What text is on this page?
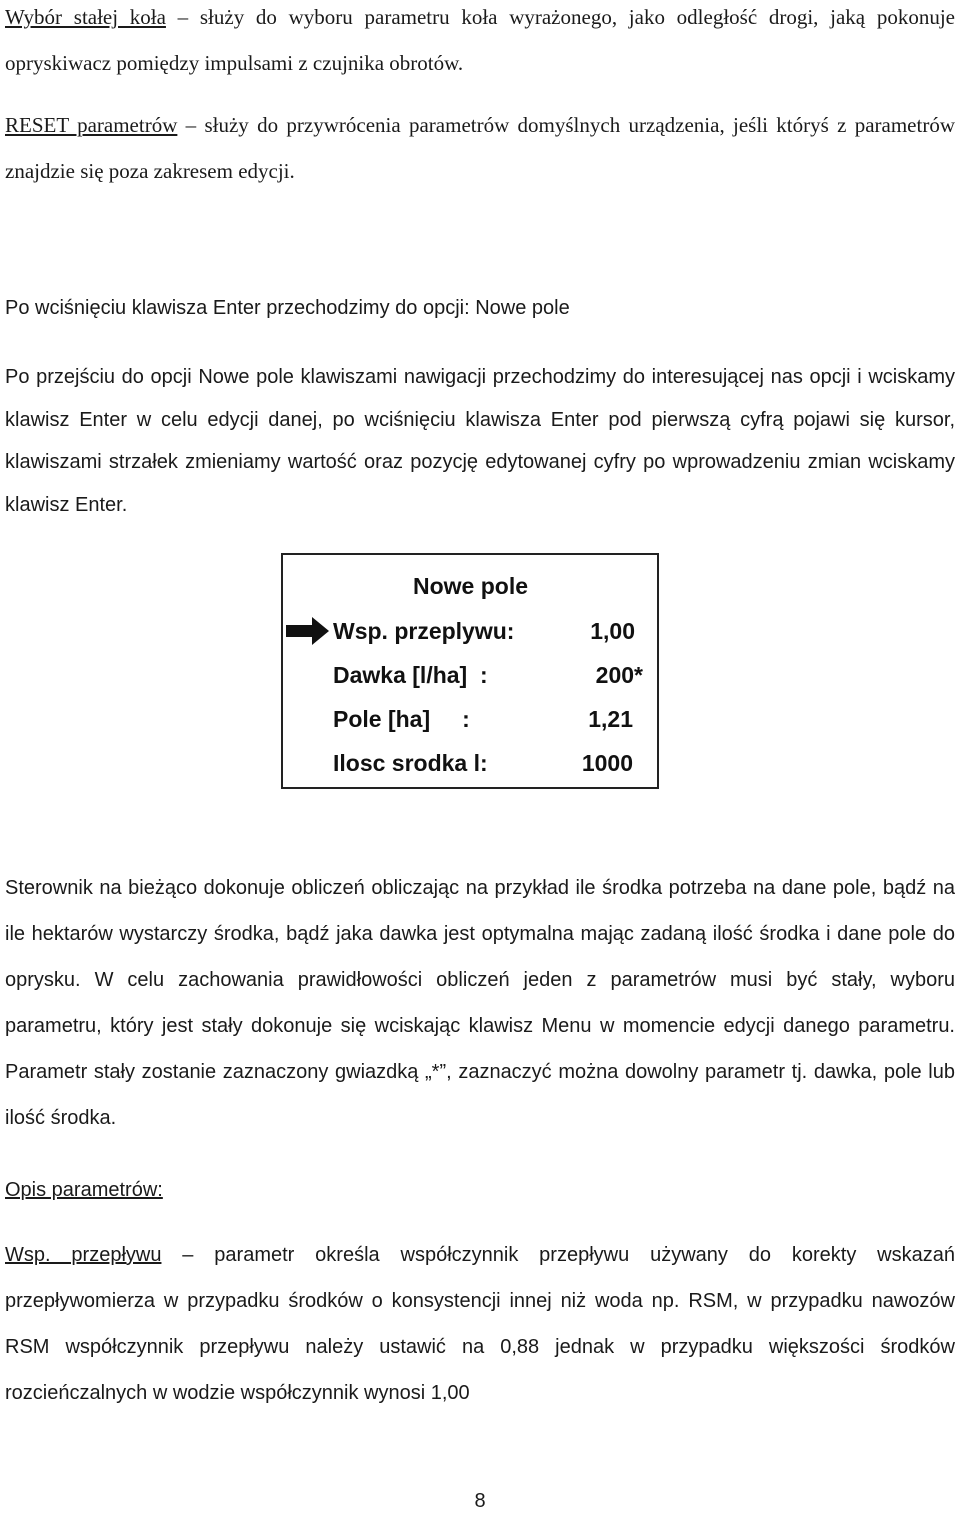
Wybór stałej koła – służy do wyboru parametru koła wyrażonego, jako odległość drogi, jaką pokonuje opryskiwacz pomiędzy impulsami z czujnika obrotów.

RESET parametrów – służy do przywrócenia parametrów domyślnych urządzenia, jeśli któryś z parametrów znajdzie się poza zakresem edycji.

Po wciśnięciu klawisza Enter przechodzimy do opcji: Nowe pole

Po przejściu do opcji Nowe pole klawiszami nawigacji przechodzimy do interesującej nas opcji i wciskamy klawisz Enter w celu edycji danej, po wciśnięciu klawisza Enter pod pierwszą cyfrą pojawi się kursor, klawiszami strzałek zmieniamy wartość oraz pozycję edytowanej cyfry po wprowadzeniu zmian wciskamy klawisz Enter.

Nowe pole
Wsp. przeplywu:	1,00
Dawka [l/ha]  :	200*
Pole [ha]     :	1,21
Ilosc srodka l:	1000

Sterownik na bieżąco dokonuje obliczeń obliczając na przykład ile środka potrzeba na dane pole, bądź na ile hektarów wystarczy środka, bądź jaka dawka jest optymalna mając zadaną ilość środka i dane pole do oprysku. W celu zachowania prawidłowości obliczeń jeden z parametrów musi być stały, wyboru parametru, który jest stały dokonuje się wciskając klawisz Menu w momencie edycji danego parametru. Parametr stały zostanie zaznaczony gwiazdką „*”, zaznaczyć można dowolny parametr tj. dawka, pole lub ilość środka.

Opis parametrów:

Wsp. przepływu – parametr określa współczynnik przepływu używany do korekty wskazań przepływomierza w przypadku środków o konsystencji innej niż woda np. RSM, w przypadku nawozów RSM współczynnik przepływu należy ustawić na 0,88 jednak w przypadku większości środków rozcieńczalnych w wodzie współczynnik wynosi 1,00

8
